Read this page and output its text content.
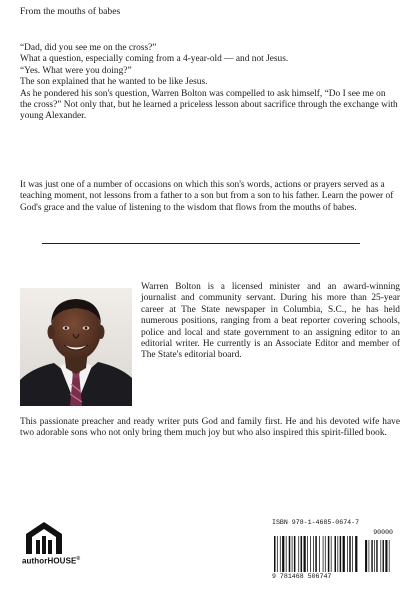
From the mouths of babes

“Dad, did you see me on the cross?”

What a question, especially coming from a 4-year-old — and not Jesus.

“Yes. What were you doing?”

The son explained that he wanted to be like Jesus.

As he pondered his son's question, Warren Bolton was compelled to ask himself, “Do I see me on the cross?” Not only that, but he learned a priceless lesson about sacrifice through the exchange with young Alexander.

It was just one of a number of occasions on which this son's words, actions or prayers served as a teaching moment, not lessons from a father to a son but from a son to his father. Learn the power of God's grace and the value of listening to the wisdom that flows from the mouths of babes.

Warren Bolton is a licensed minister and an award-winning journalist and community servant. During his more than 25-year career at The State newspaper in Columbia, S.C., he has held numerous positions, ranging from a beat reporter covering schools, police and local and state government to an assigning editor to an editorial writer. He currently is an Associate Editor and member of The State's editorial board.

This passionate preacher and ready writer puts God and family first. He and his devoted wife have two adorable sons who not only bring them much joy but who also inspired this spirit-filled book.

authorHOUSE®
ISBN 978-1-4685-0674-7
90000
9 781468 506747
